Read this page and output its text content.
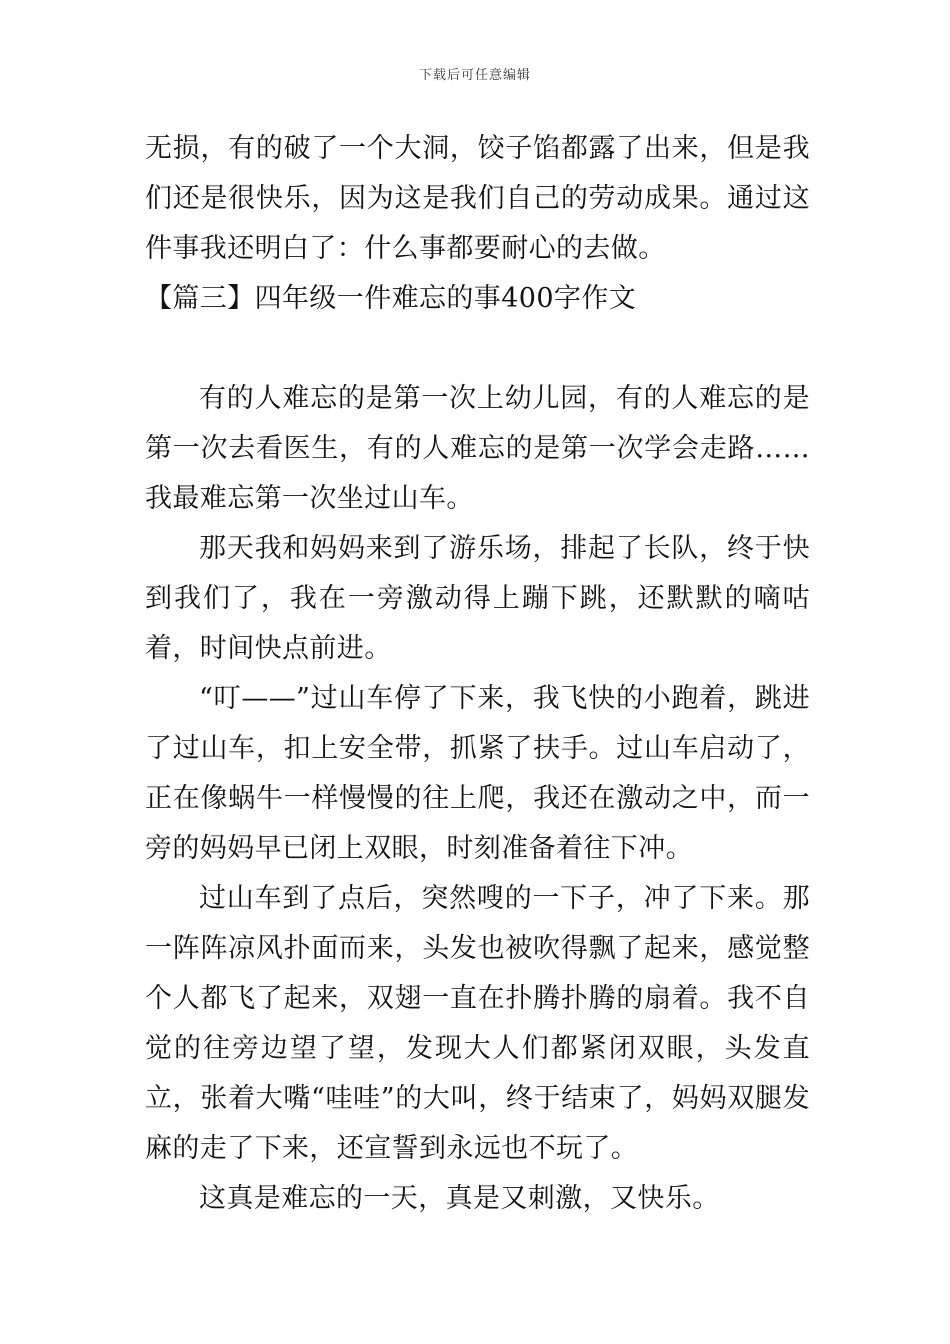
下载后可任意编辑

无损，有的破了一个大洞，饺子馅都露了出来，但是我们还是很快乐，因为这是我们自己的劳动成果。通过这件事我还明白了：什么事都要耐心的去做。

【篇三】四年级一件难忘的事400字作文

有的人难忘的是第一次上幼儿园，有的人难忘的是第一次去看医生，有的人难忘的是第一次学会走路……我最难忘第一次坐过山车。

那天我和妈妈来到了游乐场，排起了长队，终于快到我们了，我在一旁激动得上蹦下跳，还默默的嘀咕着，时间快点前进。

“叮——”过山车停了下来，我飞快的小跑着，跳进了过山车，扣上安全带，抓紧了扶手。过山车启动了，正在像蜗牛一样慢慢的往上爬，我还在激动之中，而一旁的妈妈早已闭上双眼，时刻准备着往下冲。

过山车到了点后，突然嗖的一下子，冲了下来。那一阵阵凉风扑面而来，头发也被吹得飘了起来，感觉整个人都飞了起来，双翅一直在扑腾扑腾的扇着。我不自觉的往旁边望了望，发现大人们都紧闭双眼，头发直立，张着大嘴“哇哇”的大叫，终于结束了，妈妈双腿发麻的走了下来，还宣誓到永远也不玩了。

这真是难忘的一天，真是又刺激，又快乐。
